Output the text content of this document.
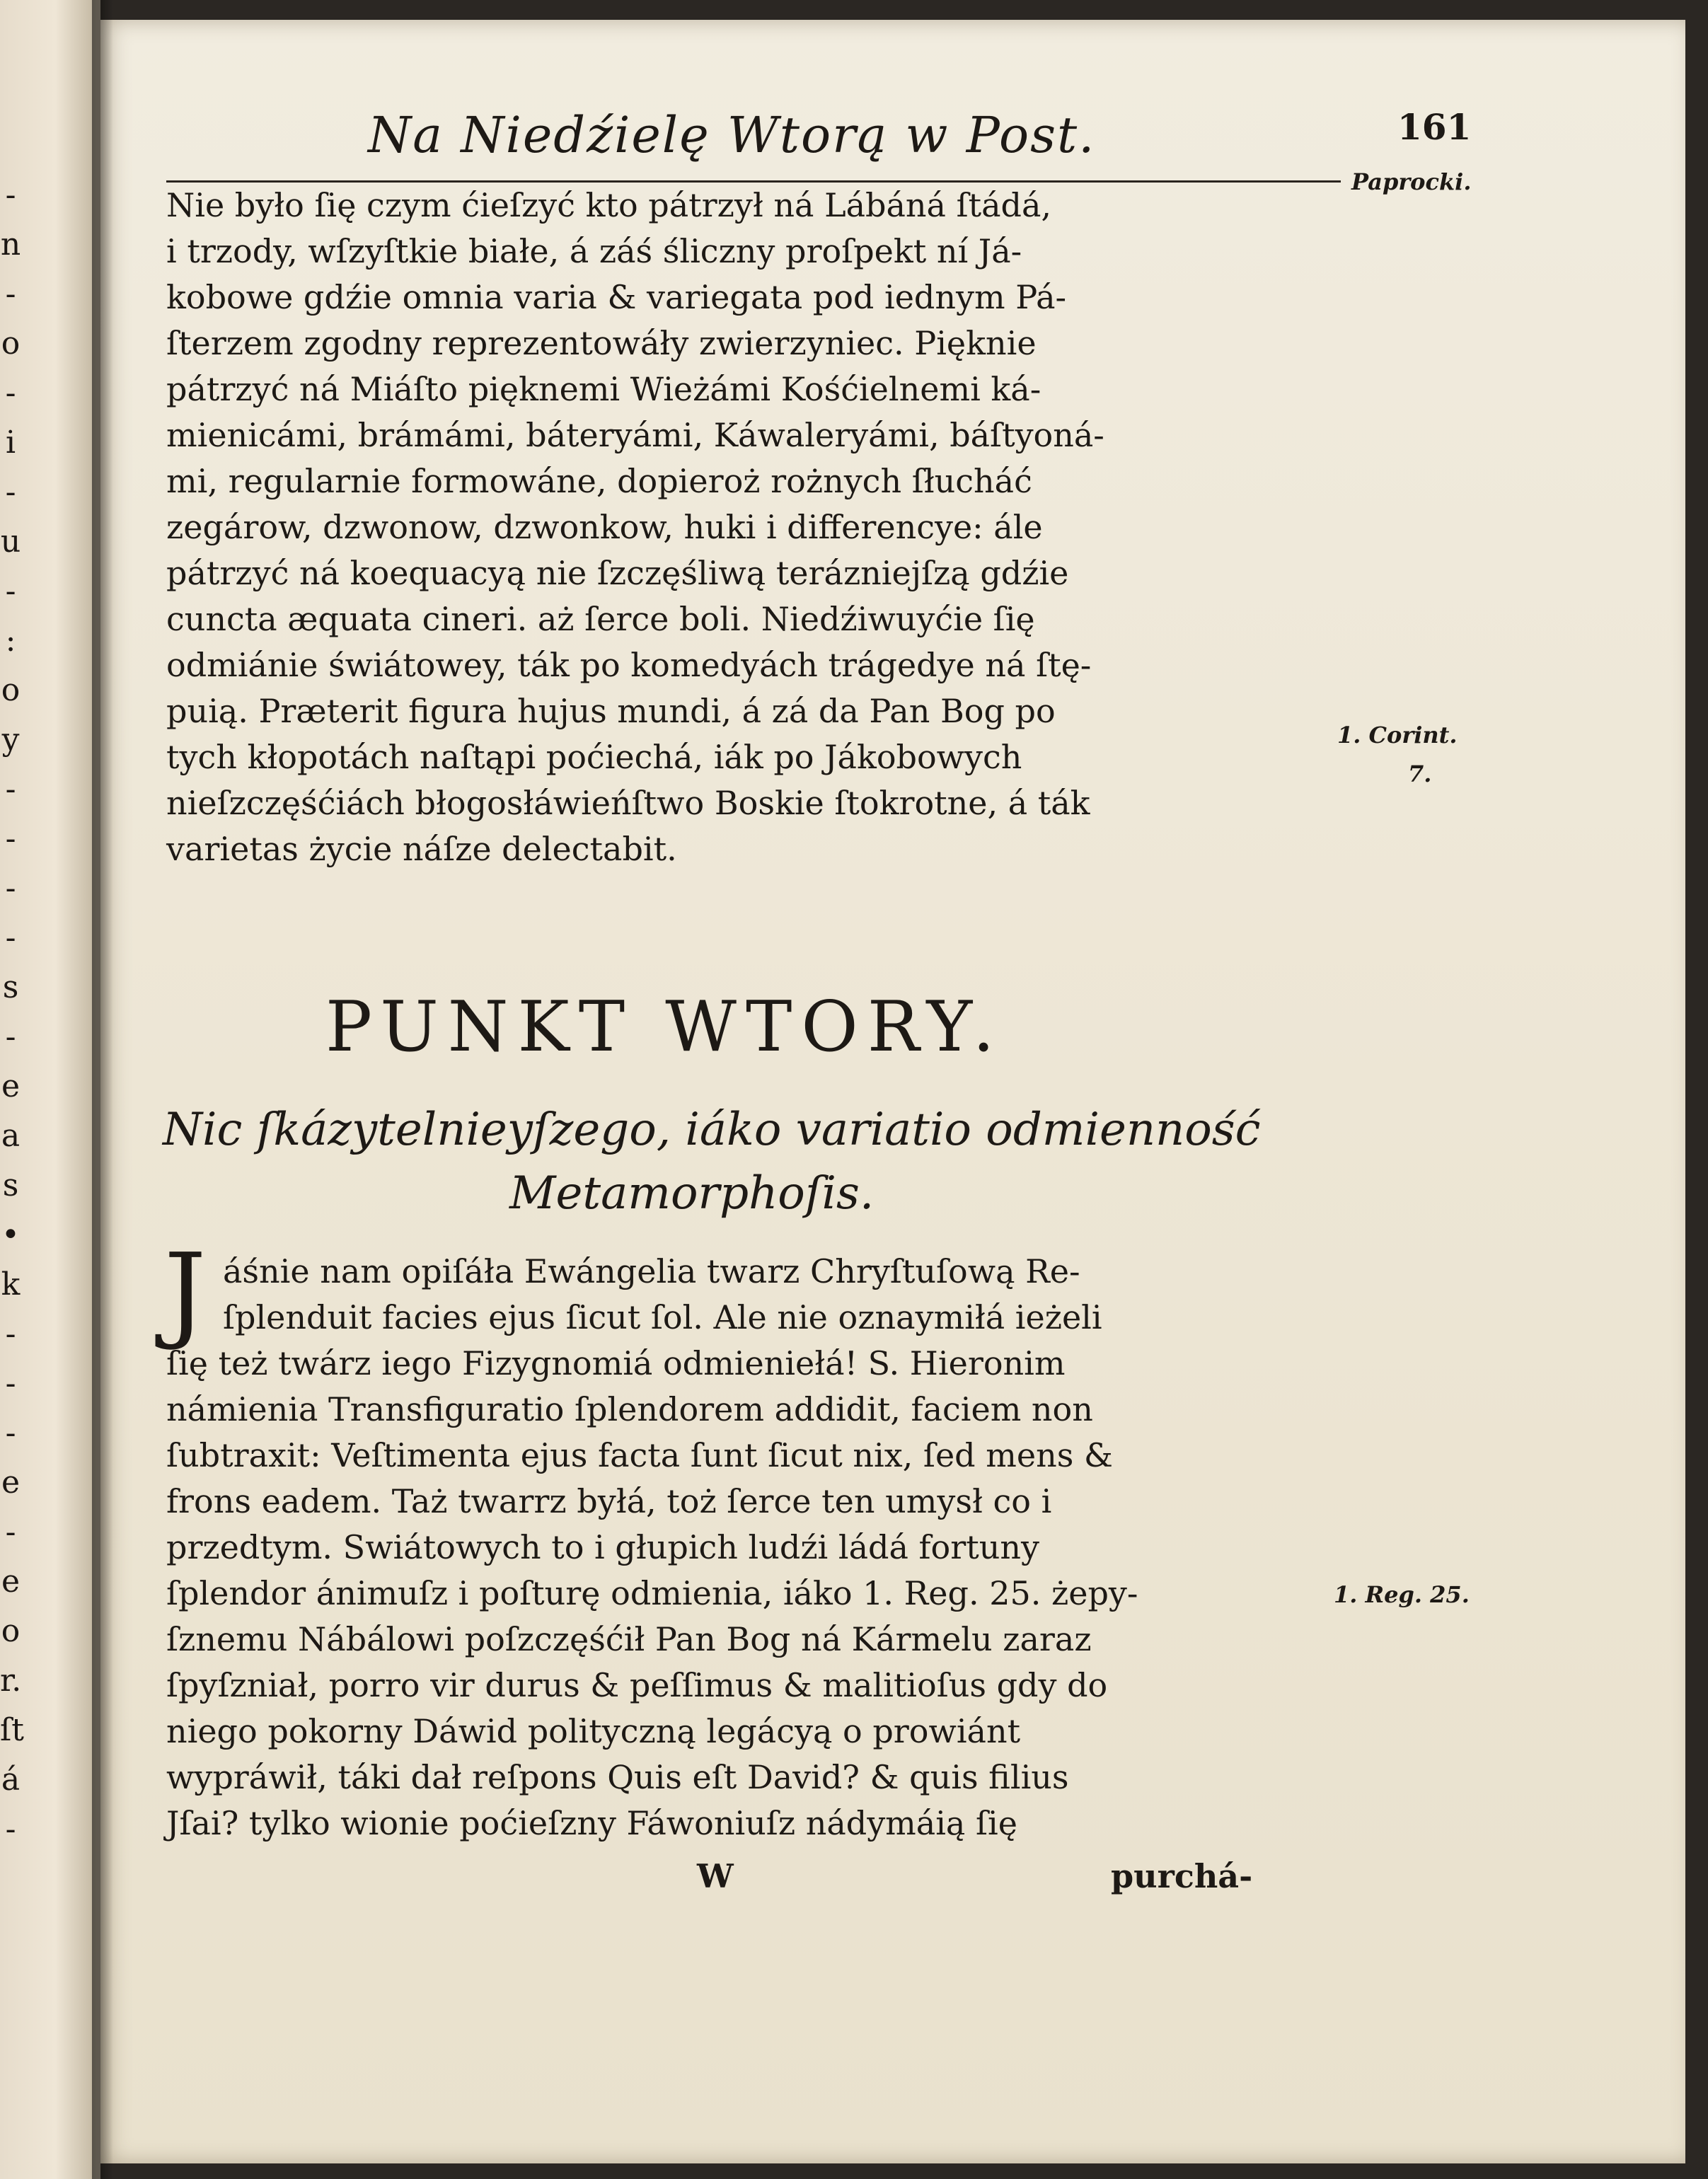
-
n
-
o
-
i
-
u
-
:
o
y
-
-
-
-
s
-
e
a
s
•
k
-
-
-
e
-
e
o
r.
ſt
á
-
Na Niedźielę Wtorą w Post.	161
Paprocki.
1. Corint.
7.
1. Reg. 25.
Nie było ſię czym ćieſzyć kto pátrzył ná Lábáná ſtádá,
i trzody, wſzyſtkie białe, á záś śliczny proſpekt ní Já-
kobowe gdźie omnia varia & variegata pod iednym Pá-
ſterzem zgodny reprezentowáły zwierzyniec. Pięknie
pátrzyć ná Miáſto pięknemi Wieżámi Kośćielnemi ká-
mienicámi, brámámi, báteryámi, Káwaleryámi, báſtyoná-
mi, regularnie formowáne, dopieroż rożnych ſłucháć
zegárow, dzwonow, dzwonkow, huki i differencye: ále
pátrzyć ná koequacyą nie ſzczęśliwą terázniejſzą gdźie
cuncta æquata cineri. aż ſerce boli. Niedźiwuyćie ſię
odmiánie świátowey, ták po komedyách trágedye ná ſtę-
puią. Præterit figura hujus mundi, á zá da Pan Bog po
tych kłopotách naſtąpi poćiechá, iák po Jákobowych
nieſzczęśćiách błogosłáwieńſtwo Boskie ſtokrotne, á ták
varietas życie náſze delectabit.
PUNKT WTORY.
Nic ſkázytelnieyſzego, iáko variatio odmienność
Metamorphoſis.
J áśnie nam opiſáła Ewángelia twarz Chryſtuſową Re-
ſplenduit facies ejus ſicut ſol. Ale nie oznaymiłá ieżeli
ſię też twárz iego Fizygnomiá odmieniełá! S. Hieronim
námienia Transfiguratio ſplendorem addidit, faciem non
ſubtraxit: Veſtimenta ejus facta ſunt ſicut nix, ſed mens &
frons eadem. Taż twarrz byłá, toż ſerce ten umysł co i
przedtym. Swiátowych to i głupich ludźi ládá fortuny
ſplendor ánimuſz i poſturę odmienia, iáko 1. Reg. 25. żepy-
ſznemu Nábálowi poſzczęśćił Pan Bog ná Kármelu zaraz
ſpyſzniał, porro vir durus & peſſimus & malitioſus gdy do
niego pokorny Dáwid polityczną legácyą o prowiánt
wypráwił, táki dał reſpons Quis eſt David? & quis filius
Jſai? tylko wionie poćieſzny Fáwoniuſz nádymáią ſię
W	purchá-
